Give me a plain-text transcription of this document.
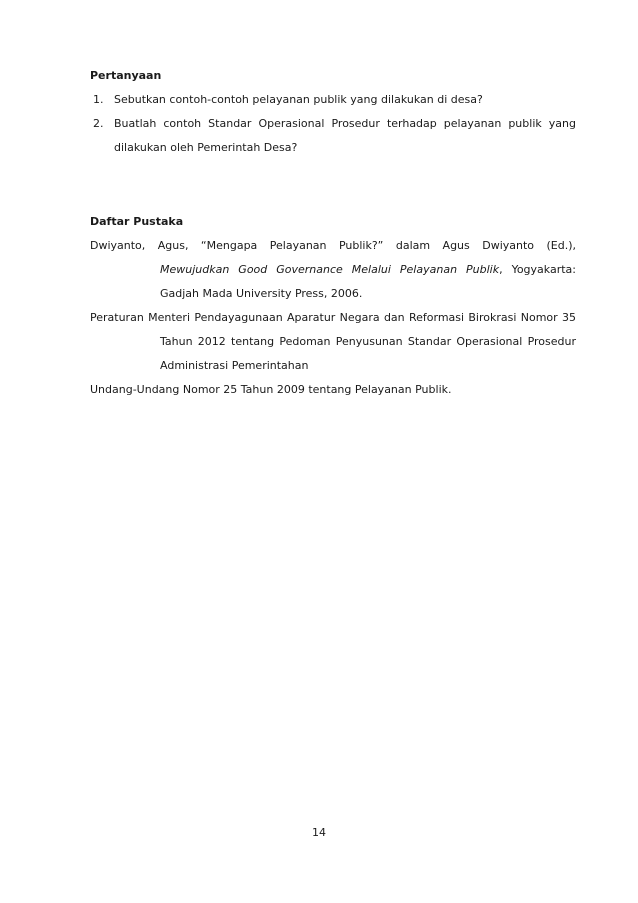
Pertanyaan
1. Sebutkan contoh-contoh pelayanan publik yang dilakukan di desa?
2. Buatlah contoh Standar Operasional Prosedur terhadap pelayanan publik yang dilakukan oleh Pemerintah Desa?
Daftar Pustaka
Dwiyanto, Agus, “Mengapa Pelayanan Publik?” dalam Agus Dwiyanto (Ed.), Mewujudkan Good Governance Melalui Pelayanan Publik, Yogyakarta: Gadjah Mada University Press, 2006.
Peraturan Menteri Pendayagunaan Aparatur Negara dan Reformasi Birokrasi Nomor 35 Tahun 2012 tentang Pedoman Penyusunan Standar Operasional Prosedur Administrasi Pemerintahan
Undang-Undang Nomor 25 Tahun 2009 tentang Pelayanan Publik.
14
